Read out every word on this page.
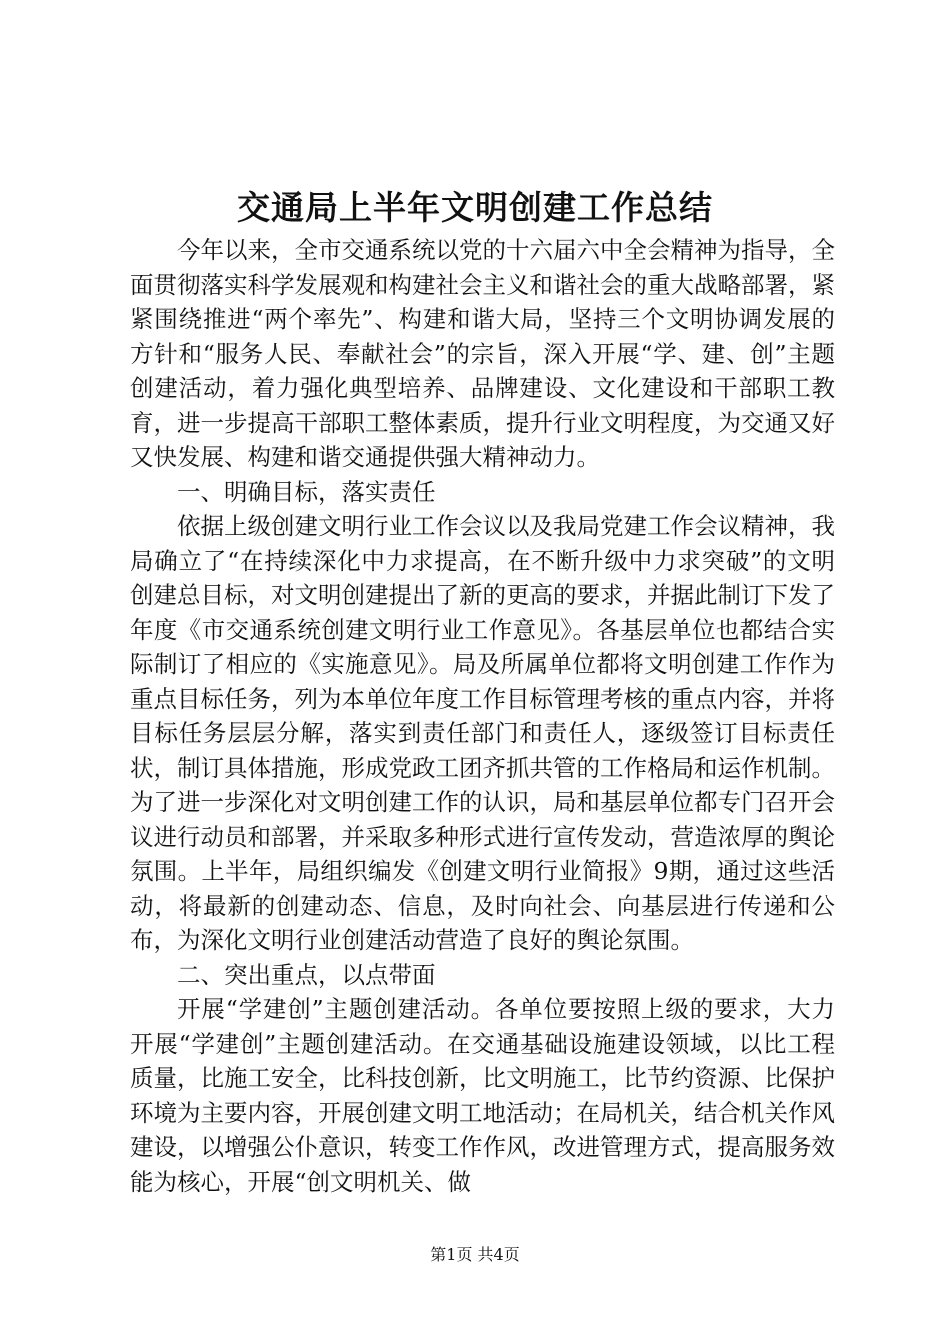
交通局上半年文明创建工作总结

今年以来，全市交通系统以党的十六届六中全会精神为指导，全面贯彻落实科学发展观和构建社会主义和谐社会的重大战略部署，紧紧围绕推进“两个率先”、构建和谐大局，坚持三个文明协调发展的方针和“服务人民、奉献社会”的宗旨，深入开展“学、建、创”主题创建活动，着力强化典型培养、品牌建设、文化建设和干部职工教育，进一步提高干部职工整体素质，提升行业文明程度，为交通又好又快发展、构建和谐交通提供强大精神动力。

一、明确目标，落实责任

依据上级创建文明行业工作会议以及我局党建工作会议精神，我局确立了“在持续深化中力求提高，在不断升级中力求突破”的文明创建总目标，对文明创建提出了新的更高的要求，并据此制订下发了年度《市交通系统创建文明行业工作意见》。各基层单位也都结合实际制订了相应的《实施意见》。局及所属单位都将文明创建工作作为重点目标任务，列为本单位年度工作目标管理考核的重点内容，并将目标任务层层分解，落实到责任部门和责任人，逐级签订目标责任状，制订具体措施，形成党政工团齐抓共管的工作格局和运作机制。为了进一步深化对文明创建工作的认识，局和基层单位都专门召开会议进行动员和部署，并采取多种形式进行宣传发动，营造浓厚的舆论氛围。上半年，局组织编发《创建文明行业简报》9期，通过这些活动，将最新的创建动态、信息，及时向社会、向基层进行传递和公布，为深化文明行业创建活动营造了良好的舆论氛围。

二、突出重点，以点带面

开展“学建创”主题创建活动。各单位要按照上级的要求，大力开展“学建创”主题创建活动。在交通基础设施建设领域，以比工程质量，比施工安全，比科技创新，比文明施工，比节约资源、比保护环境为主要内容，开展创建文明工地活动；在局机关，结合机关作风建设，以增强公仆意识，转变工作作风，改进管理方式，提高服务效能为核心，开展“创文明机关、做

第1页 共4页
